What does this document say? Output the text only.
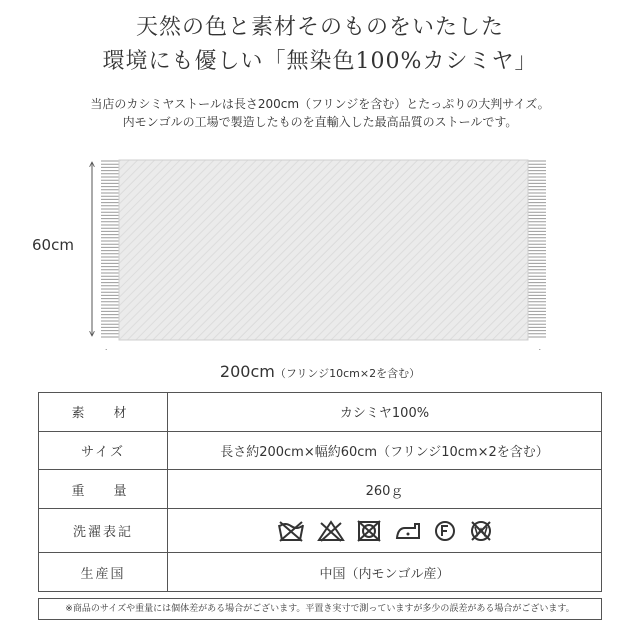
天然の色と素材そのものをいたした

環境にも優しい「無染色100%カシミヤ」

当店のカシミヤストールは長さ200cm（フリンジを含む）とたっぷりの大判サイズ。

内モンゴルの工場で製造したものを直輸入した最高品質のストールです。

60cm
200cm（フリンジ10cm×2を含む）
素　材	カシミヤ100%
サイズ	長さ約200cm×幅約60cm（フリンジ10cm×2を含む）
重　量	260ｇ
洗濯表記	

生産国	中国（内モンゴル産）
※商品のサイズや重量には個体差がある場合がございます。平置き実寸で測っていますが多少の誤差がある場合がございます。
